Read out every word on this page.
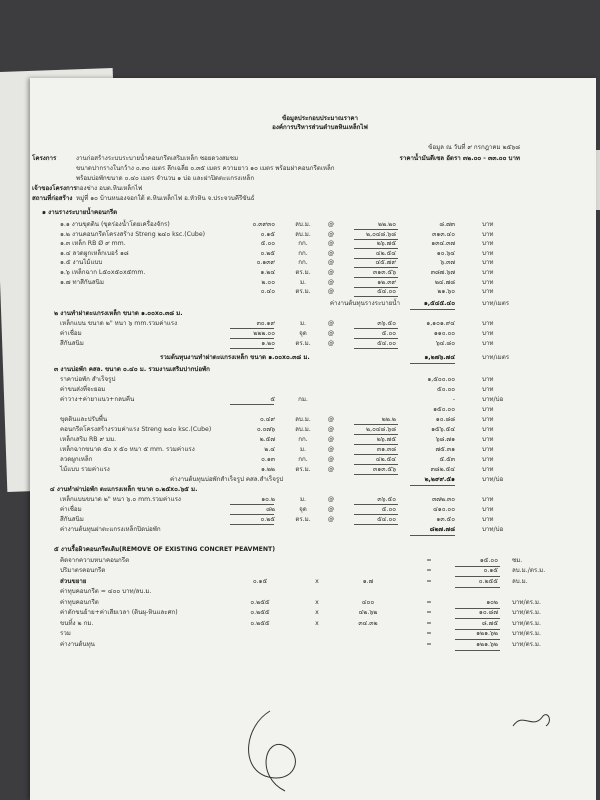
ข้อมูลประกอบประมาณราคา
องค์การบริหารส่วนตำบลหินเหล็กไฟ
ข้อมูล ณ วันที่ ๙ กรกฎาคม ๒๕๖๘
ราคาน้ำมันดีเซล อัตรา ๓๒.๐๐ - ๓๓.๐๐ บาท
โครงการ	งานก่อสร้างระบบระบายน้ำคอนกรีตเสริมเหล็ก ซอยดวงสมชม
ขนาดปากรางในกว้าง ๐.๓๐ เมตร ลึกเฉลี่ย ๐.๓๕ เมตร ความยาว ๑๐ เมตร พร้อมฝาคอนกรีตเหล็ก
พร้อมบ่อพักขนาด ๐.๔๐ เมตร จำนวน ๑ บ่อ และฝาปิดตะแกรงเหล็ก
เจ้าของโครงการ กองช่าง อบต.หินเหล็กไฟ
สถานที่ก่อสร้าง หมู่ที่ ๑๐ บ้านหนองจอกใต้ ต.หินเหล็กไฟ อ.หัวหิน จ.ประจวบคีรีขันธ์
๑ งานรางระบายน้ำคอนกรีต
๑.๑ งานขุดดิน (ขุดร่องน้ำโดยเครื่องจักร)	๐.๓๙๓๐	ลบ.ม.	@	๒๒.๒๐	๘.๗๓	บาท
๑.๒ งานคอนกรีตโครงสร้าง Streng ๒๔๐ ksc.(Cube)	๐.๑๕	ลบ.ม.	@	๒,๐๔๘.๖๘	๓๑๓.๔๐	บาท
๑.๓ เหล็ก RB Ø ๙ mm.	๕.๐๐	กก.	@	๒๖.๗๕	๑๓๔.๓๗	บาท
๑.๔ ลวดผูกเหล็กเบอร์ ๑๘	๐.๒๕	กก.	@	๔๒.๕๔	๑๐.๖๔	บาท
๑.๕ งานไม้แบบ	๐.๑๓๙	กก.	@	๔๕.๗๙	๖.๓๗	บาท
๑.๖ เหล็กฉาก L๕๐x๕๐x๕mm.	๑.๒๔	ตร.ม.	@	๓๑๓.๕๖	๓๘๗.๖๗	บาท
๑.๗ ทาสีกันสนิม	๒.๐๐	ม.	@	๑๒.๓๙	๒๔.๗๘	บาท
๐.๔๐	ตร.ม.	@	๕๔.๐๐	๒๑.๖๐	บาท
ค่างานต้นทุนรางระบายน้ำ	๑,๕๔๕.๔๐	บาท/เมตร
๒ งานทำฝาตะแกรงเหล็ก ขนาด ๑.๐๐x๐.๓๘ ม.
เหล็กแบน ขนาด ๒" หนา ๖ mm.รวมค่าแรง	๓๐.๑๙	ม.	@	๓๖.๕๐	๑,๑๐๑.๙๔	บาท
ค่าเชื่อม	๒๒๒.๐๐	จุด	@	๕.๐๐	๑๑๐.๐๐	บาท
สีกันสนิม	๑.๒๐	ตร.ม.	@	๕๔.๐๐	๖๔.๘๐	บาท
รวมต้นทุนงานทำฝาตะแกรงเหล็ก ขนาด ๑.๐๐x๐.๓๘ ม.	๑,๒๗๖.๗๔	บาท/เมตร
๓ งานบ่อพัก คสล. ขนาด ๐.๔๐ ม. รวมงานเสริมปากบ่อพัก
ราคาบ่อพัก สำเร็จรูป	๑,๕๐๐.๐๐	บาท
ค่าขนส่งที่จะยอม	๕๐.๐๐	บาท
ค่าวาง+ค่ายาแนว+กลบคืน	๕	กม.	-	บาท/บ่อ
๑๕๐.๐๐	บาท
ขุดดินและปรับพื้น	๐.๔๙	ลบ.ม.	@	๒๒.๒	๑๐.๘๘	บาท
คอนกรีตโครงสร้างรวมค่าแรง Streng ๒๔๐ ksc.(Cube)	๐.๐๗๖	ลบ.ม.	@	๒,๐๔๘.๖๘	๑๕๖.๕๔	บาท
เหล็กเสริม RB ๙ มม.	๒.๕๗	กก.	@	๒๖.๗๕	๖๘.๗๑	บาท
เหล็กฉากขนาด ๕๐ x ๕๐ หนา ๕ mm. รวมค่าแรง	๒.๔	ม.	@	๓๑.๓๘	๗๕.๓๑	บาท
ลวดผูกเหล็ก	๐.๑๓	กก.	@	๔๒.๕๔	๕.๕๓	บาท
ไม้แบบ รวมค่าแรง	๑.๒๒	ตร.ม.	@	๓๑๓.๕๖	๓๘๒.๕๔	บาท
ค่างานต้นทุนบ่อพักสำเร็จรูป คสล.สำเร็จรูป	๒,๒๙๙.๕๑	บาท/บ่อ
๔ งานทำฝาบ่อพัก ตะแกรงเหล็ก ขนาด ๐.๒๕x๐.๖๕ ม.
เหล็กแบนขนาด ๒" หนา ๖.๐ mm.รวมค่าแรง	๑๐.๒	ม.	@	๓๖.๕๐	๓๗๒.๓๐	บาท
ค่าเชื่อม	๘๒	จุด	@	๕.๐๐	๔๑๐.๐๐	บาท
สีกันสนิม	๐.๒๕	ตร.ม.	@	๕๔.๐๐	๑๓.๕๐	บาท
ค่างานต้นทุนฝาตะแกรงเหล็กปิดบ่อพัก	๘๒๗.๗๘	บาท/บ่อ
๕ งานรื้อผิวคอนกรีตเดิม(REMOVE OF EXISTING CONCRET PEAVMENT)
คิดจากความหนาคอนกรีต	=	๑๕.๐๐ ซม.
ปริมาตรคอนกรีต	=	๐.๑๕ ลบ.ม./ตร.ม.
ส่วนขยาย	๐.๑๕	x	๑.๗	=	๐.๒๕๕ ลบ.ม.
ค่าทุบคอนกรีต = ๔๐๐ บาท/ลบ.ม.
ค่าทุบคอนกรีต	๐.๒๕๕	x	๔๐๐	=	๑๐๒ บาท/ตร.ม.
ค่าตักขนย้าย+ค่าเสียเวลา (ดินผุ-หินและศก)	๐.๒๕๕	x	๔๒.๖๒	=	๑๐.๘๗ บาท/ตร.ม.
ขนทิ้ง ๒ กม.	๐.๒๕๕	x	๓๔.๓๒	=	๘.๗๕ บาท/ตร.ม.
รวม	=	๑๒๑.๖๒ บาท/ตร.ม.
ค่างานต้นทุน	=	๑๒๑.๖๒ บาท/ตร.ม.
